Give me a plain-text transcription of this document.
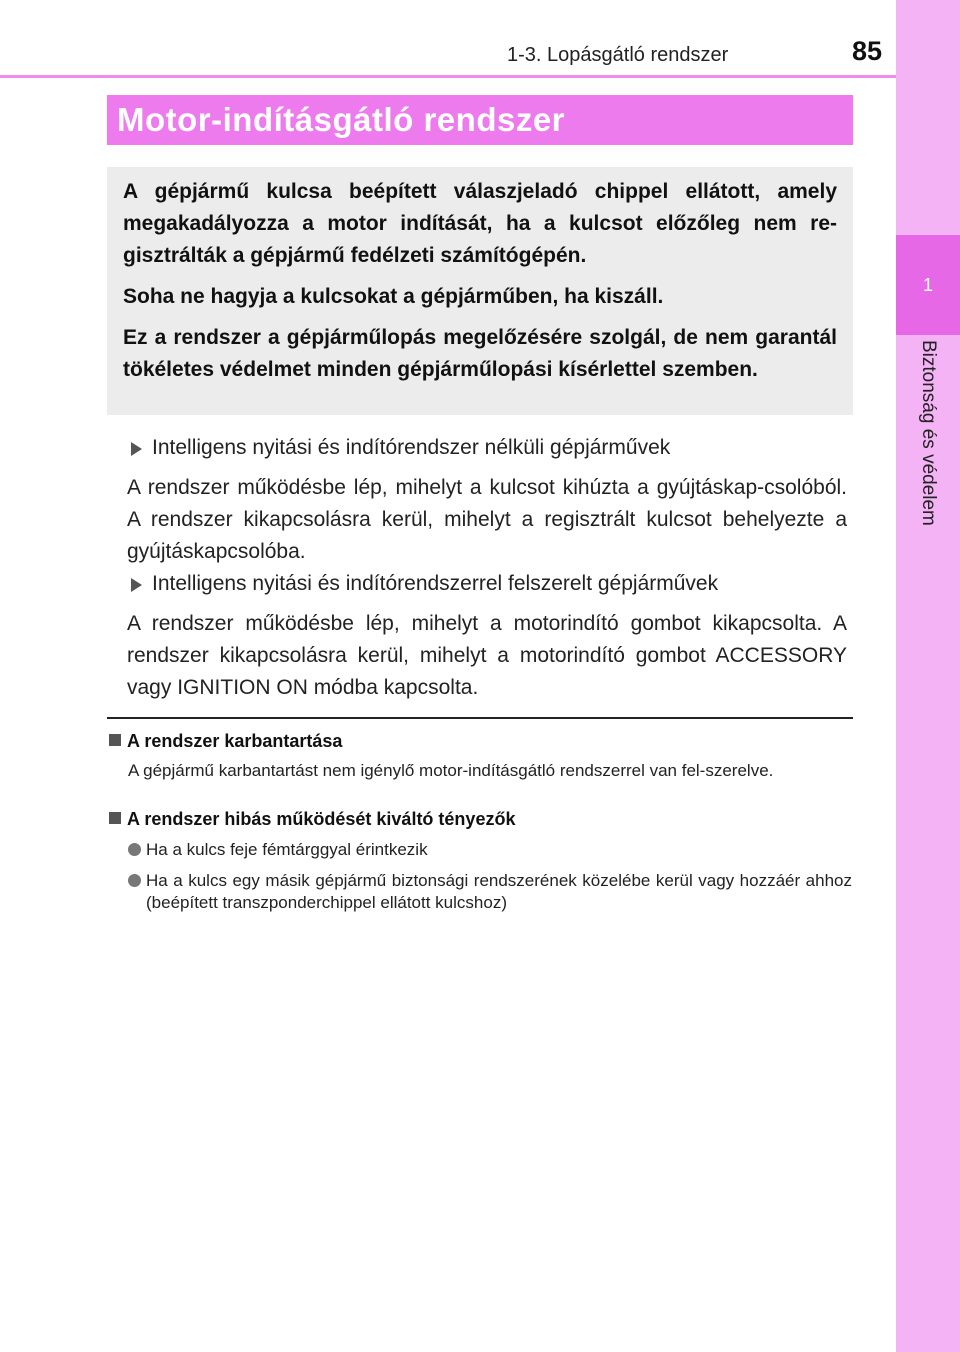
1-3. Lopásgátló rendszer	85
1
Biztonság és védelem
Motor-indításgátló rendszer

A gépjármű kulcsa beépített válaszjeladó chippel ellátott, amely megakadályozza a motor indítását, ha a kulcsot előzőleg nem re-gisztrálták a gépjármű fedélzeti számítógépén.

Soha ne hagyja a kulcsokat a gépjárműben, ha kiszáll.

Ez a rendszer a gépjárműlopás megelőzésére szolgál, de nem garantál tökéletes védelmet minden gépjárműlopási kísérlettel szemben.

Intelligens nyitási és indítórendszer nélküli gépjárművek
A rendszer működésbe lép, mihelyt a kulcsot kihúzta a gyújtáskap-csolóból. A rendszer kikapcsolásra kerül, mihelyt a regisztrált kulcsot behelyezte a gyújtáskapcsolóba.
Intelligens nyitási és indítórendszerrel felszerelt gépjárművek
A rendszer működésbe lép, mihelyt a motorindító gombot kikapcsolta. A rendszer kikapcsolásra kerül, mihelyt a motorindító gombot ACCESSORY vagy IGNITION ON módba kapcsolta.
A rendszer karbantartása
A gépjármű karbantartást nem igénylő motor-indításgátló rendszerrel van fel-szerelve.
A rendszer hibás működését kiváltó tényezők
Ha a kulcs feje fémtárggyal érintkezik
Ha a kulcs egy másik gépjármű biztonsági rendszerének közelébe kerül vagy hozzáér ahhoz (beépített transzponderchippel ellátott kulcshoz)
